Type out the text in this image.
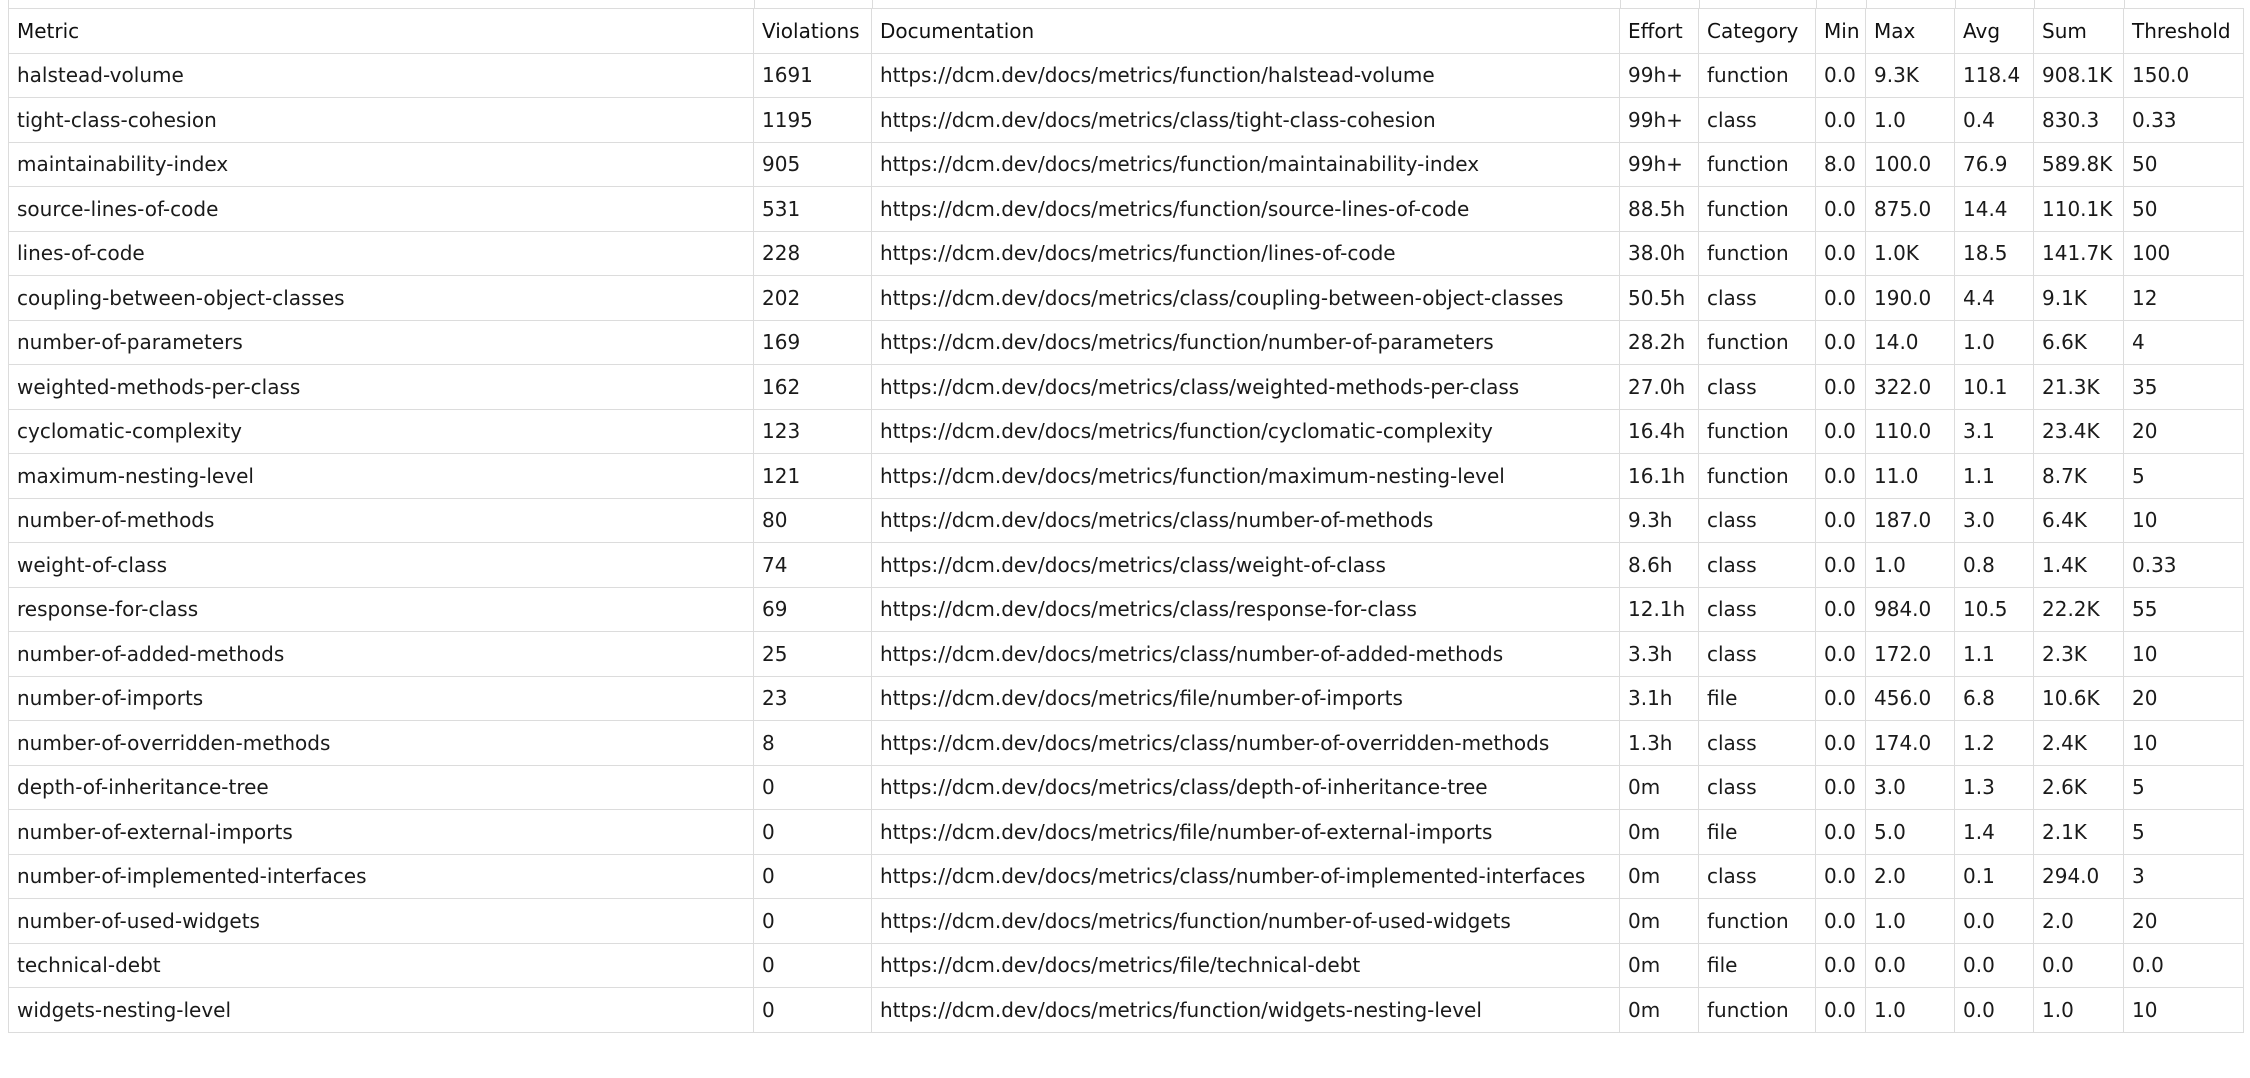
Metric	Violations	Documentation	Effort	Category	Min	Max	Avg	Sum	Threshold
halstead-volume	1691	https://dcm.dev/docs/metrics/function/halstead-volume	99h+	function	0.0	9.3K	118.4	908.1K	150.0
tight-class-cohesion	1195	https://dcm.dev/docs/metrics/class/tight-class-cohesion	99h+	class	0.0	1.0	0.4	830.3	0.33
maintainability-index	905	https://dcm.dev/docs/metrics/function/maintainability-index	99h+	function	8.0	100.0	76.9	589.8K	50
source-lines-of-code	531	https://dcm.dev/docs/metrics/function/source-lines-of-code	88.5h	function	0.0	875.0	14.4	110.1K	50
lines-of-code	228	https://dcm.dev/docs/metrics/function/lines-of-code	38.0h	function	0.0	1.0K	18.5	141.7K	100
coupling-between-object-classes	202	https://dcm.dev/docs/metrics/class/coupling-between-object-classes	50.5h	class	0.0	190.0	4.4	9.1K	12
number-of-parameters	169	https://dcm.dev/docs/metrics/function/number-of-parameters	28.2h	function	0.0	14.0	1.0	6.6K	4
weighted-methods-per-class	162	https://dcm.dev/docs/metrics/class/weighted-methods-per-class	27.0h	class	0.0	322.0	10.1	21.3K	35
cyclomatic-complexity	123	https://dcm.dev/docs/metrics/function/cyclomatic-complexity	16.4h	function	0.0	110.0	3.1	23.4K	20
maximum-nesting-level	121	https://dcm.dev/docs/metrics/function/maximum-nesting-level	16.1h	function	0.0	11.0	1.1	8.7K	5
number-of-methods	80	https://dcm.dev/docs/metrics/class/number-of-methods	9.3h	class	0.0	187.0	3.0	6.4K	10
weight-of-class	74	https://dcm.dev/docs/metrics/class/weight-of-class	8.6h	class	0.0	1.0	0.8	1.4K	0.33
response-for-class	69	https://dcm.dev/docs/metrics/class/response-for-class	12.1h	class	0.0	984.0	10.5	22.2K	55
number-of-added-methods	25	https://dcm.dev/docs/metrics/class/number-of-added-methods	3.3h	class	0.0	172.0	1.1	2.3K	10
number-of-imports	23	https://dcm.dev/docs/metrics/file/number-of-imports	3.1h	file	0.0	456.0	6.8	10.6K	20
number-of-overridden-methods	8	https://dcm.dev/docs/metrics/class/number-of-overridden-methods	1.3h	class	0.0	174.0	1.2	2.4K	10
depth-of-inheritance-tree	0	https://dcm.dev/docs/metrics/class/depth-of-inheritance-tree	0m	class	0.0	3.0	1.3	2.6K	5
number-of-external-imports	0	https://dcm.dev/docs/metrics/file/number-of-external-imports	0m	file	0.0	5.0	1.4	2.1K	5
number-of-implemented-interfaces	0	https://dcm.dev/docs/metrics/class/number-of-implemented-interfaces	0m	class	0.0	2.0	0.1	294.0	3
number-of-used-widgets	0	https://dcm.dev/docs/metrics/function/number-of-used-widgets	0m	function	0.0	1.0	0.0	2.0	20
technical-debt	0	https://dcm.dev/docs/metrics/file/technical-debt	0m	file	0.0	0.0	0.0	0.0	0.0
widgets-nesting-level	0	https://dcm.dev/docs/metrics/function/widgets-nesting-level	0m	function	0.0	1.0	0.0	1.0	10
